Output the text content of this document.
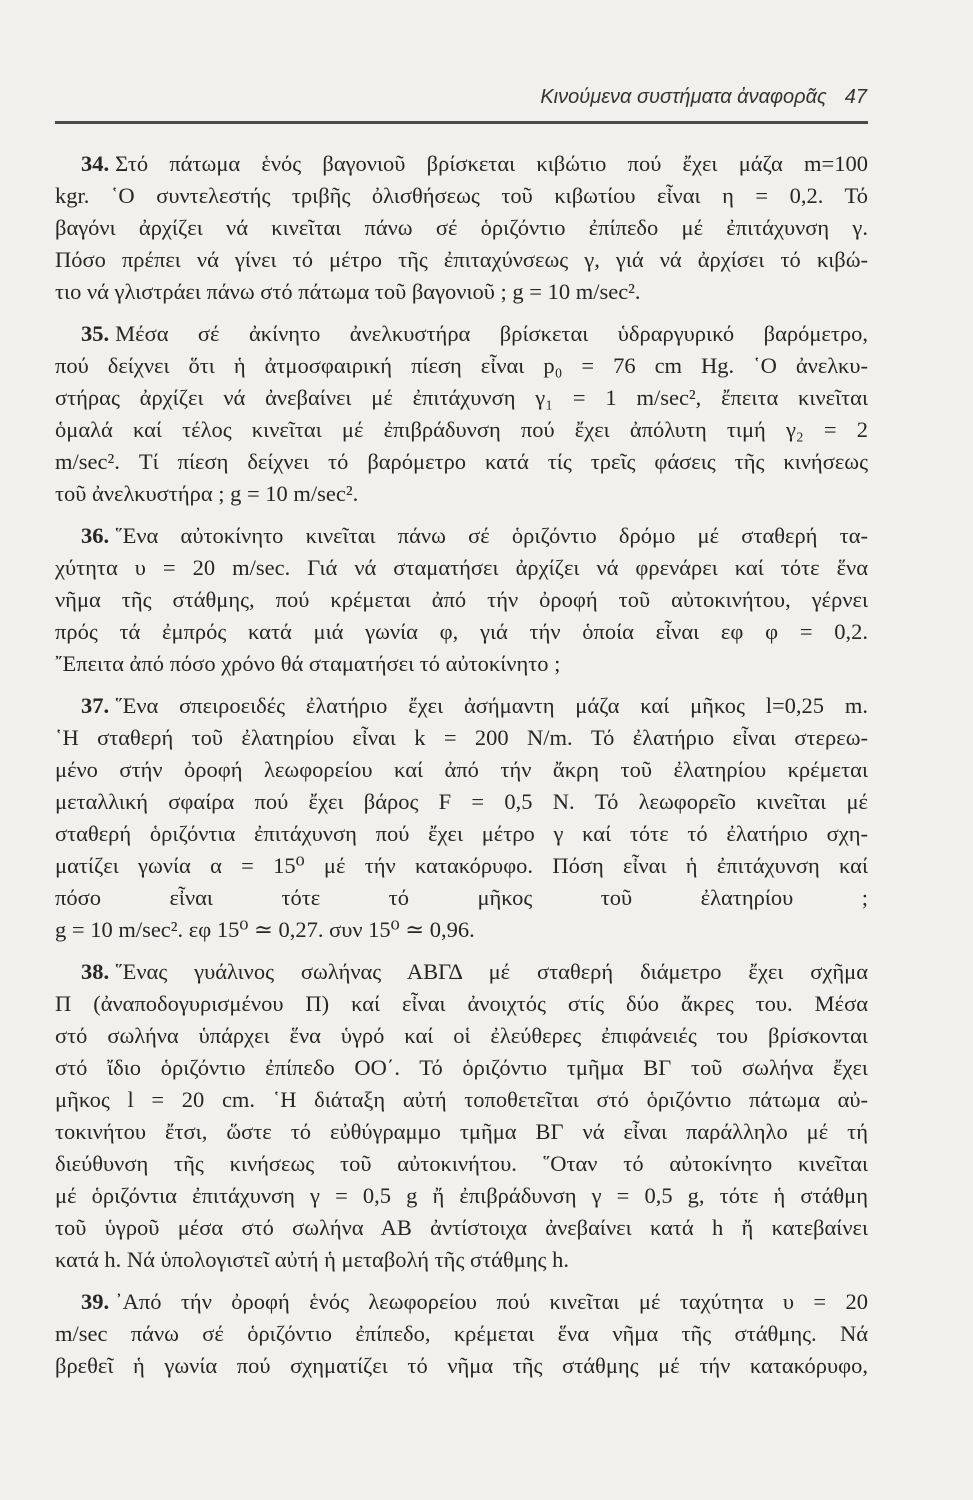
Κινούμενα συστήματα ἀναφορᾶς 47
34. Στό πάτωμα ἑνός βαγονιοῦ βρίσκεται κιβώτιο πού ἔχει μάζα m=100
kgr. ῾Ο συντελεστής τριβῆς ὀλισθήσεως τοῦ κιβωτίου εἶναι η = 0,2. Τό
βαγόνι ἀρχίζει νά κινεῖται πάνω σέ ὁριζόντιο ἐπίπεδο μέ ἐπιτάχυνση γ.
Πόσο πρέπει νά γίνει τό μέτρο τῆς ἐπιταχύνσεως γ, γιά νά ἀρχίσει τό κιβώ-
τιο νά γλιστράει πάνω στό πάτωμα τοῦ βαγονιοῦ ; g = 10 m/sec².
35. Μέσα σέ ἀκίνητο ἀνελκυστήρα βρίσκεται ὑδραργυρικό βαρόμετρο,
πού δείχνει ὅτι ἡ ἀτμοσφαιρική πίεση εἶναι p₀ = 76 cm Hg. ῾Ο ἀνελκυ-
στήρας ἀρχίζει νά ἀνεβαίνει μέ ἐπιτάχυνση γ₁ = 1 m/sec², ἔπειτα κινεῖται
ὁμαλά καί τέλος κινεῖται μέ ἐπιβράδυνση πού ἔχει ἀπόλυτη τιμή γ₂ = 2
m/sec². Τί πίεση δείχνει τό βαρόμετρο κατά τίς τρεῖς φάσεις τῆς κινήσεως
τοῦ ἀνελκυστήρα ; g = 10 m/sec².
36. ῞Ενα αὐτοκίνητο κινεῖται πάνω σέ ὁριζόντιο δρόμο μέ σταθερή τα-
χύτητα υ = 20 m/sec. Γιά νά σταματήσει ἀρχίζει νά φρενάρει καί τότε ἕνα
νῆμα τῆς στάθμης, πού κρέμεται ἀπό τήν ὀροφή τοῦ αὐτοκινήτου, γέρνει
πρός τά ἐμπρός κατά μιά γωνία φ, γιά τήν ὁποία εἶναι εφ φ = 0,2.
῎Επειτα ἀπό πόσο χρόνο θά σταματήσει τό αὐτοκίνητο ;
37. ῞Ενα σπειροειδές ἐλατήριο ἔχει ἀσήμαντη μάζα καί μῆκος l=0,25 m.
῾Η σταθερή τοῦ ἐλατηρίου εἶναι k = 200 N/m. Τό ἐλατήριο εἶναι στερεω-
μένο στήν ὀροφή λεωφορείου καί ἀπό τήν ἄκρη τοῦ ἐλατηρίου κρέμεται
μεταλλική σφαίρα πού ἔχει βάρος F = 0,5 N. Τό λεωφορεῖο κινεῖται μέ
σταθερή ὁριζόντια ἐπιτάχυνση πού ἔχει μέτρο γ καί τότε τό ἐλατήριο σχη-
ματίζει γωνία α = 15⁰ μέ τήν κατακόρυφο. Πόση εἶναι ἡ ἐπιτάχυνση καί
πόσο εἶναι τότε τό μῆκος τοῦ ἐλατηρίου ;
g = 10 m/sec². εφ 15⁰ ≃ 0,27. συν 15⁰ ≃ 0,96.
38. ῞Ενας γυάλινος σωλήνας ΑΒΓΔ μέ σταθερή διάμετρο ἔχει σχῆμα
Π (ἀναποδογυρισμένου Π) καί εἶναι ἀνοιχτός στίς δύο ἄκρες του. Μέσα
στό σωλήνα ὑπάρχει ἕνα ὑγρό καί οἱ ἐλεύθερες ἐπιφάνειές του βρίσκονται
στό ἴδιο ὁριζόντιο ἐπίπεδο ΟΟ΄. Τό ὁριζόντιο τμῆμα ΒΓ τοῦ σωλήνα ἔχει
μῆκος l = 20 cm. ῾Η διάταξη αὐτή τοποθετεῖται στό ὁριζόντιο πάτωμα αὐ-
τοκινήτου ἔτσι, ὥστε τό εὐθύγραμμο τμῆμα ΒΓ νά εἶναι παράλληλο μέ τή
διεύθυνση τῆς κινήσεως τοῦ αὐτοκινήτου. ῞Οταν τό αὐτοκίνητο κινεῖται
μέ ὁριζόντια ἐπιτάχυνση γ = 0,5 g ἤ ἐπιβράδυνση γ = 0,5 g, τότε ἡ στάθμη
τοῦ ὑγροῦ μέσα στό σωλήνα ΑΒ ἀντίστοιχα ἀνεβαίνει κατά h ἤ κατεβαίνει
κατά h. Νά ὑπολογιστεῖ αὐτή ἡ μεταβολή τῆς στάθμης h.
39. ᾿Από τήν ὀροφή ἑνός λεωφορείου πού κινεῖται μέ ταχύτητα υ = 20
m/sec πάνω σέ ὁριζόντιο ἐπίπεδο, κρέμεται ἕνα νῆμα τῆς στάθμης. Νά
βρεθεῖ ἡ γωνία πού σχηματίζει τό νῆμα τῆς στάθμης μέ τήν κατακόρυφο,
